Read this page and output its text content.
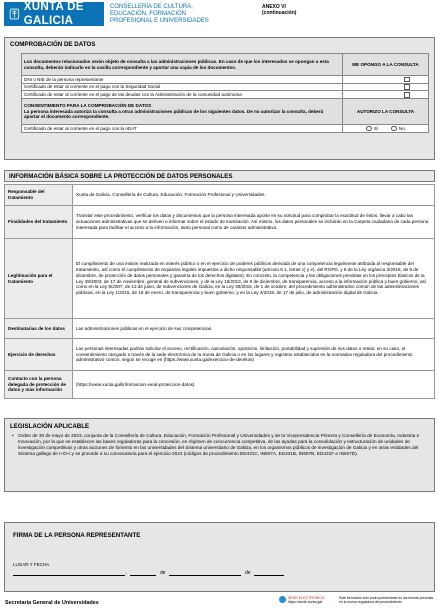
XUNTA DE GALICIA
CONSELLERÍA DE CULTURA,
EDUCACIÓN, FORMACIÓN
PROFESIONAL E UNIVERSIDADES
ANEXO VI
(continuación)
COMPROBACIÓN DE DATOS
Los documentos relacionados serán objeto de consulta a las administraciones públicas. En caso de que los interesados se opongan a esta consulta, deberán indicarlo en la casilla correspondiente y aportar una copia de los documentos.	ME OPONGO A LA CONSULTA
DNI o NIE de la persona representante	
Certificado de estar al corriente en el pago con la Seguridad Social	
Certificado de estar al corriente en el pago de las deudas con la Administración de la comunidad autónoma	

CONSENTIMIENTO PARA LA COMPROBACIÓN DE DATOS
La persona interesada autoriza la consulta a otras administraciones públicas de los siguientes datos. De no autorizar la consulta, deberá aportar el documento correspondiente.	AUTORIZO LA CONSULTA
Certificado de estar al corriente en el pago con la AEAT	Sí No
INFORMACIÓN BÁSICA SOBRE LA PROTECCIÓN DE DATOS PERSONALES
Responsable del tratamiento	Xunta de Galicia. Consellería de Cultura, Educación, Formación Profesional y Universidades.
Finalidades del tratamiento	Tramitar este procedimiento, verificar los datos y documentos que la persona interesada aporte en su solicitud para comprobar la exactitud de éstos, llevar a cabo las actuaciones administrativas que se deriven e informar sobre el estado de tramitación. Así mismo, los datos personales se incluirán en la Carpeta ciudadana de cada persona interesada para facilitar el acceso a la información, tanto personal como de carácter administrativo.
Legitimación para el tratamiento	El cumplimiento de una misión realizada en interés público o en el ejercicio de poderes públicos derivada de una competencia legalmente atribuida al responsable del tratamiento, así como el cumplimiento de requisitos legales impuestos a dicho responsable (artículo 6.1, letras c) y e), del RGPD, y 8 de la Ley orgánica 3/2018, de 5 de diciembre, de protección de datos personales y garantía de los derechos digitales). En concreto, la competencia y las obligaciones previstas en los preceptos básicos de la Ley 38/2003, de 17 de noviembre, general de subvenciones, y de la Ley 19/2013, de 9 de diciembre, de transparencia, acceso a la información pública y buen gobierno, así como en la Ley 9/2007, de 13 de junio, de subvenciones de Galicia, en la Ley 39/2015, de 1 de octubre, del procedimiento administrativo común de las administraciones públicas, en la Ley 1/2016, de 18 de enero, de transparencia y buen gobierno, y en la Ley 4/2019, de 17 de julio, de administración digital de Galicia.
Destinatarias de los datos	Las administraciones públicas en el ejercicio de sus competencias.
Ejercicio de derechos	Las personas interesadas podrán solicitar el acceso, rectificación, cancelación, oposición, limitación, portabilidad y supresión de sus datos o retirar, en su caso, el consentimiento otorgado a través de la sede electrónica de la Xunta de Galicia o en los lugares y registros establecidos en la normativa reguladora del procedimiento administrativo común, según se recoge en (https://www.xunta.gal/exercicio-de-dereitos)
Contacto con la persona delegada de protección de datos y más información	(https://www.xunta.gal/informacion-xeral-proteccion-datos)
LEGISLACIÓN APLICABLE
• Orden de 30 de mayo de 2023, conjunta de la Consellería de Cultura, Educación, Formación Profesional y Universidades y de la Vicepresidencia Primera y Consellería de Economía, Industria e Innovación, por la que se establecen las bases reguladoras para la concesión, en régimen de concurrencia competitiva, de las ayudas para la consolidación y estructuración de unidades de investigación competitivas y otras acciones de fomento en las universidades del Sistema universitario de Galicia, en los organismos públicos de investigación de Galicia y en otras entidades del Sistema gallego de I+D+i y se procede a su convocatoria para el ejercicio 2023 (códigos de procedimiento ED431C, IN607A, ED431B, IN607B, ED431F e IN607D).
FIRMA DE LA PERSONA REPRESENTANTE
LUGAR Y FECHA
,	de	de
Secretaría General de Universidades
SEDE ELECTRÓNICA
https://sede.xunta.gal
Este formulario solo podrá presentarse en las formas previstas en la norma reguladora del procedimiento.
